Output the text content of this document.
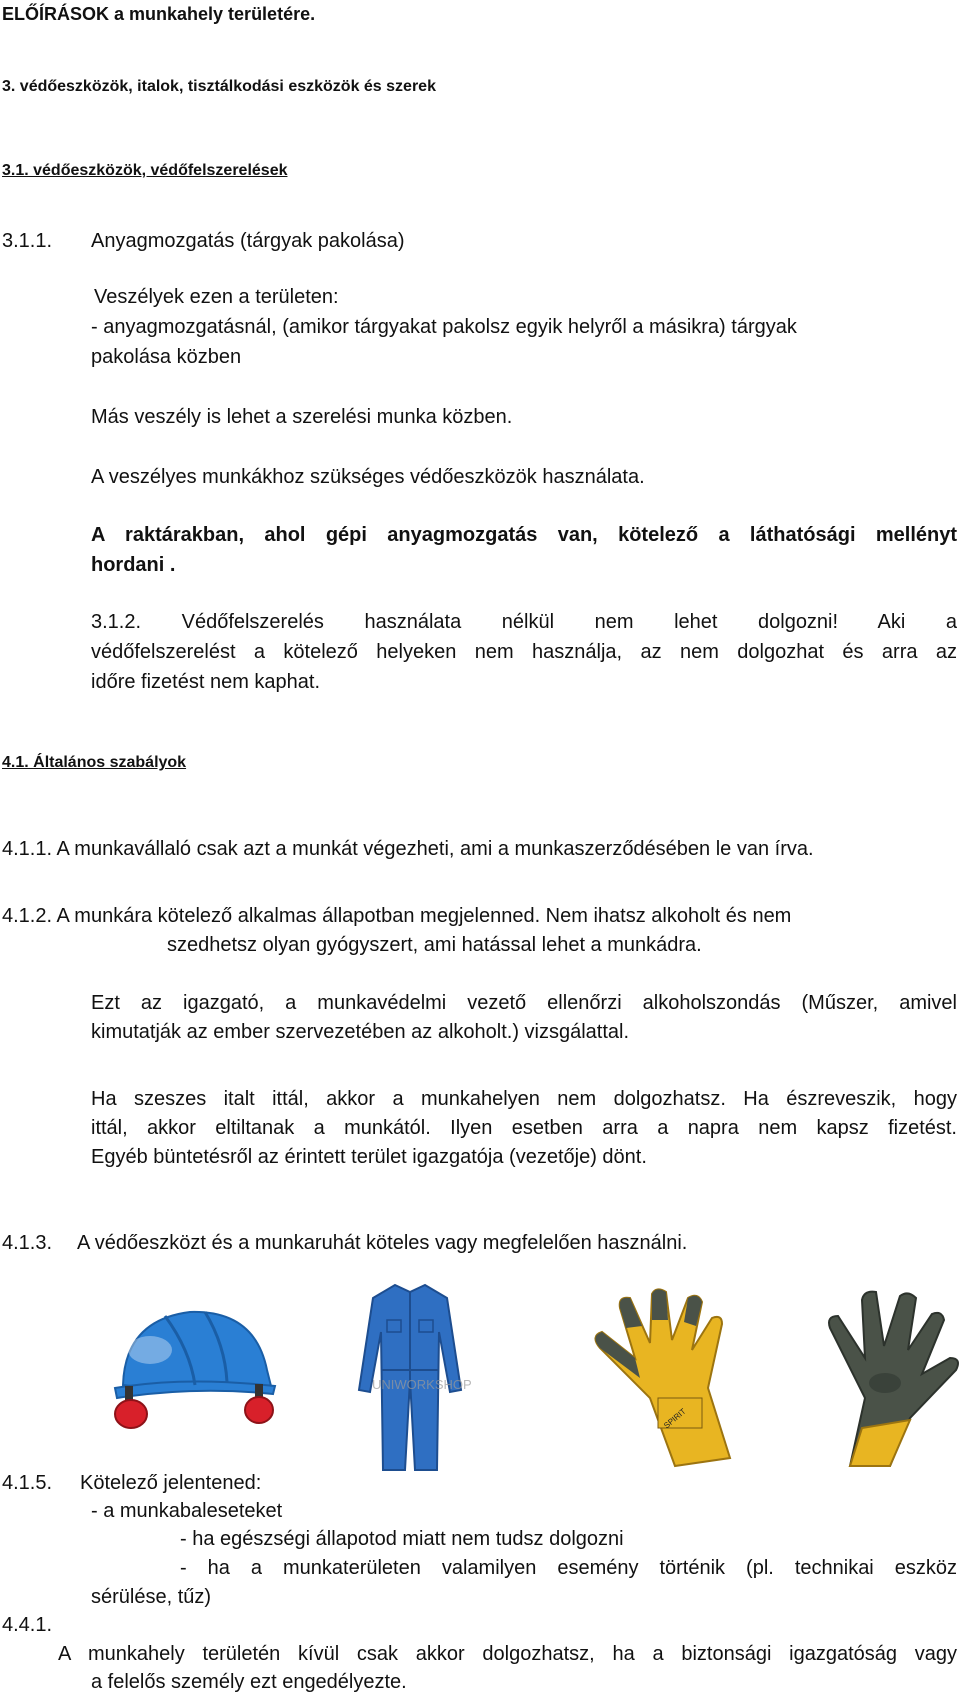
ELŐÍRÁSOK a munkahely területére.
3. védőeszközök, italok, tisztálkodási eszközök és szerek
3.1. védőeszközök, védőfelszerelések
3.1.1. Anyagmozgatás (tárgyak pakolása)
Veszélyek ezen a területen:
- anyagmozgatásnál, (amikor tárgyakat pakolsz egyik helyről a másikra) tárgyak
pakolása közben
Más veszély is lehet a szerelési munka közben.
A veszélyes munkákhoz szükséges védőeszközök használata.
A raktárakban, ahol gépi anyagmozgatás van, kötelező a láthatósági mellényt
hordani .
3.1.2. Védőfelszerelés használata nélkül nem lehet dolgozni! Aki a
védőfelszerelést a kötelező helyeken nem használja, az nem dolgozhat és arra az
időre fizetést nem kaphat.
4.1. Általános szabályok
4.1.1. A munkavállaló csak azt a munkát végezheti, ami a munkaszerződésében le van írva.
4.1.2. A munkára kötelező alkalmas állapotban megjelenned. Nem ihatsz alkoholt és nem
szedhetsz olyan gyógyszert, ami hatással lehet a munkádra.
Ezt az igazgató, a munkavédelmi vezető ellenőrzi alkoholszondás (Műszer, amivel
kimutatják az ember szervezetében az alkoholt.) vizsgálattal.
Ha szeszes italt ittál, akkor a munkahelyen nem dolgozhatsz. Ha észreveszik, hogy
ittál, akkor eltiltanak a munkától. Ilyen esetben arra a napra nem kapsz fizetést.
Egyéb büntetésről az érintett terület igazgatója (vezetője) dönt.
4.1.3. A védőeszközt és a munkaruhát köteles vagy megfelelően használni.
UNIWORKSHOP
SPIRIT
4.1.5. Kötelező jelentened:
- a munkabaleseteket
- ha egészségi állapotod miatt nem tudsz dolgozni
- ha a munkaterületen valamilyen esemény történik (pl. technikai eszköz
sérülése, tűz)
4.4.1.
A munkahely területén kívül csak akkor dolgozhatsz, ha a biztonsági igazgatóság vagy
a felelős személy ezt engedélyezte.
